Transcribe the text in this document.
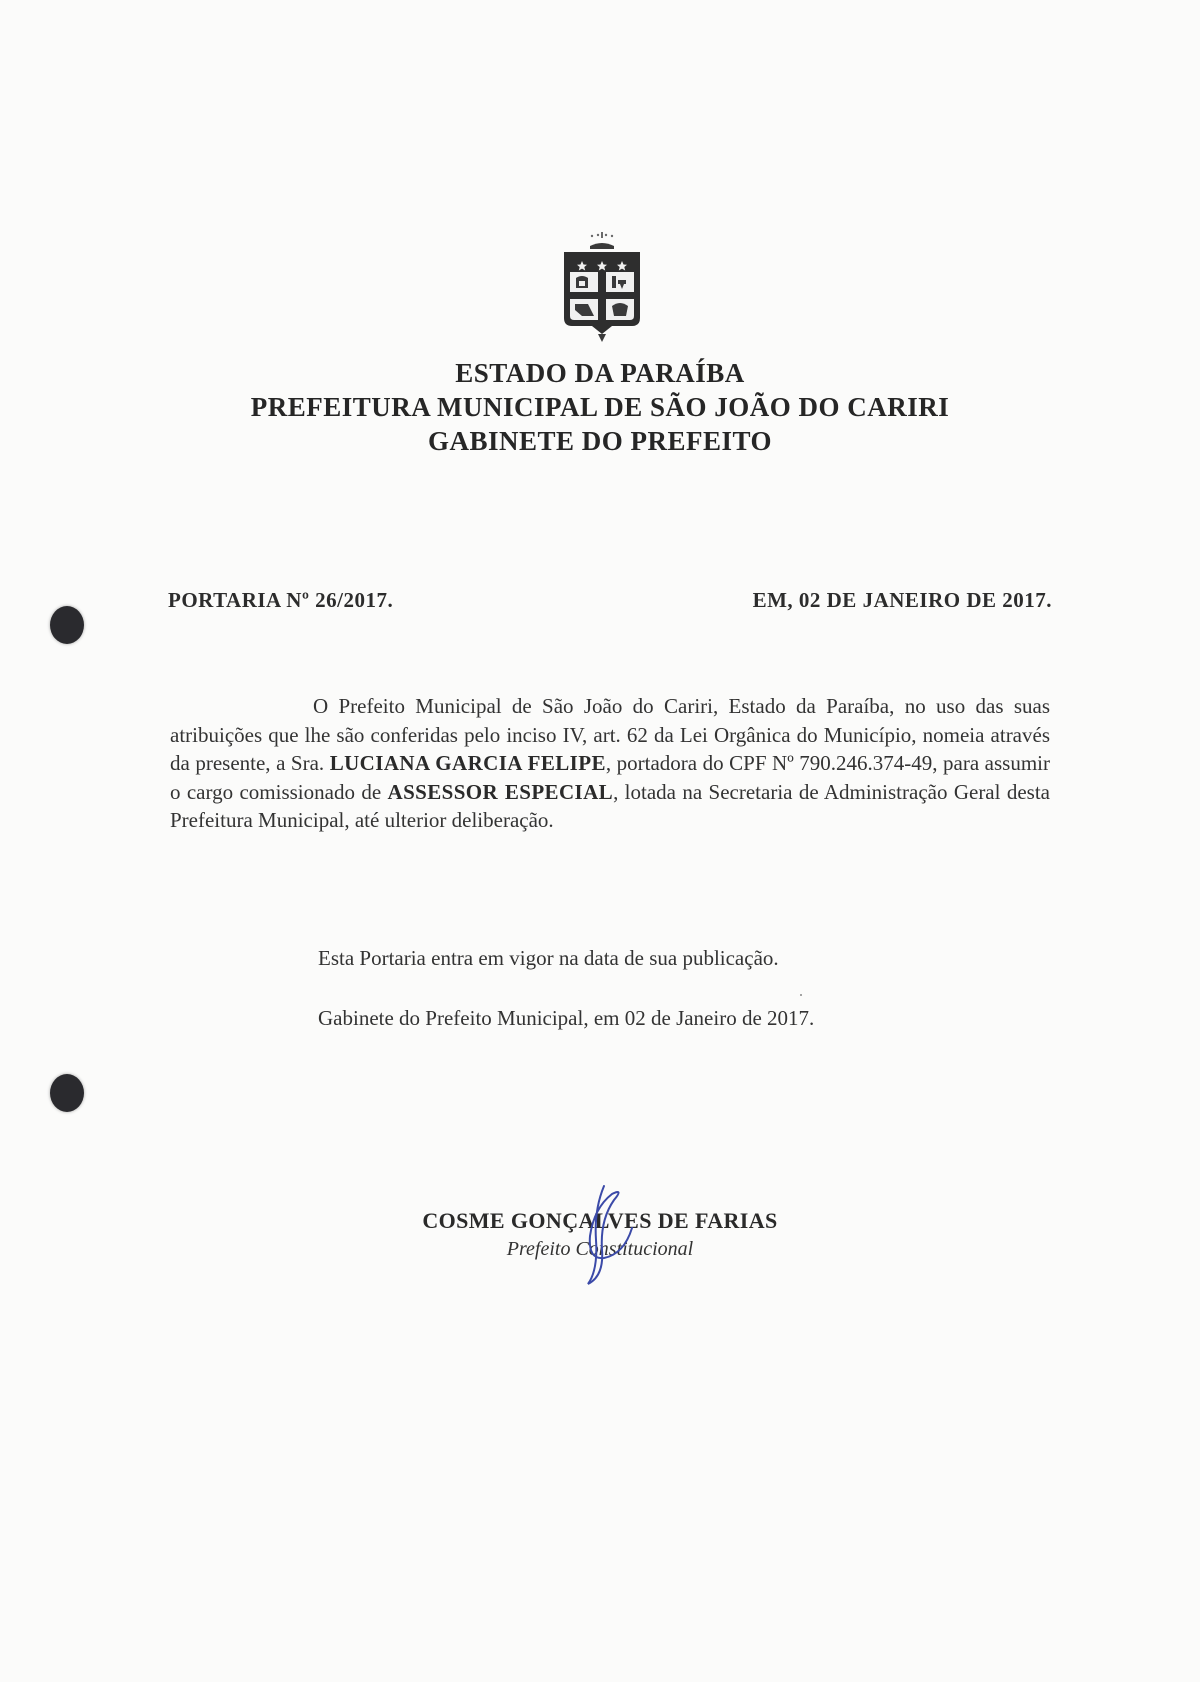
ESTADO DA PARAÍBA
PREFEITURA MUNICIPAL DE SÃO JOÃO DO CARIRI
GABINETE DO PREFEITO
PORTARIA Nº 26/2017.	EM, 02 DE JANEIRO DE 2017.
O Prefeito Municipal de São João do Cariri, Estado da Paraíba, no uso das suas atribuições que lhe são conferidas pelo inciso IV, art. 62 da Lei Orgânica do Município, nomeia através da presente, a Sra. LUCIANA GARCIA FELIPE, portadora do CPF Nº 790.246.374-49, para assumir o cargo comissionado de ASSESSOR ESPECIAL, lotada na Secretaria de Administração Geral desta Prefeitura Municipal, até ulterior deliberação.
Esta Portaria entra em vigor na data de sua publicação.
Gabinete do Prefeito Municipal, em 02 de Janeiro de 2017.
COSME GONÇALVES DE FARIAS
Prefeito Constitucional
